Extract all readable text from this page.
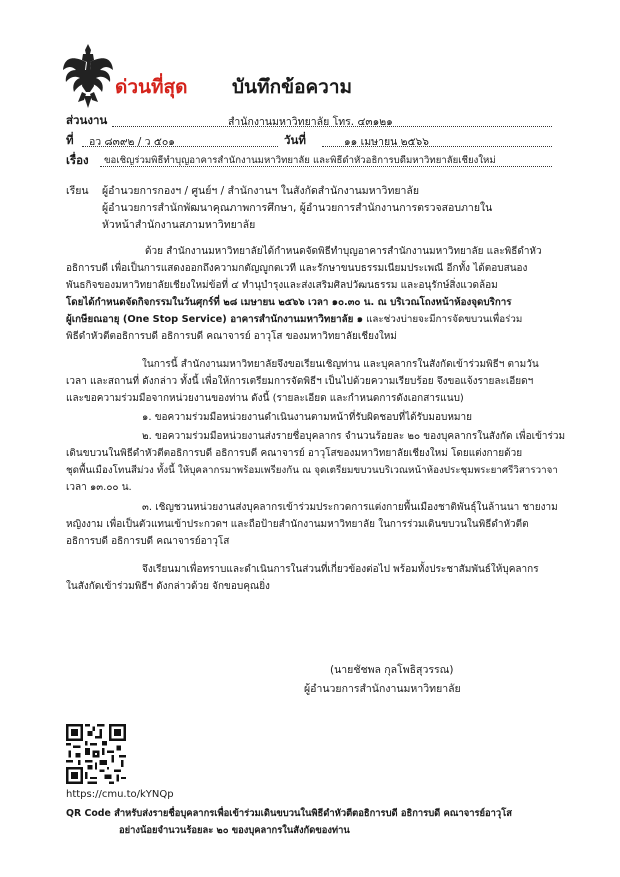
ด่วนที่สุด บันทึกข้อความ
ส่วนงาน	สำนักงานมหาวิทยาลัย โทร. ๔๓๑๒๑
ที่ อว ๘๓๙๒ / ว ๕๐๑	วันที่	๑๑ เมษายน ๒๕๖๖
เรื่อง ขอเชิญร่วมพิธีทำบุญอาคารสำนักงานมหาวิทยาลัย และพิธีดำหัวอธิการบดีมหาวิทยาลัยเชียงใหม่
เรียน ผู้อำนวยการกองฯ / ศูนย์ฯ / สำนักงานฯ ในสังกัดสำนักงานมหาวิทยาลัย
ผู้อำนวยการสำนักพัฒนาคุณภาพการศึกษา, ผู้อำนวยการสำนักงานการตรวจสอบภายใน
หัวหน้าสำนักงานสภามหาวิทยาลัย
ด้วย สำนักงานมหาวิทยาลัยได้กำหนดจัดพิธีทำบุญอาคารสำนักงานมหาวิทยาลัย และพิธีดำหัว
อธิการบดี เพื่อเป็นการแสดงออกถึงความกตัญญูกตเวที และรักษาขนบธรรมเนียมประเพณี อีกทั้ง ได้ตอบสนอง
พันธกิจของมหาวิทยาลัยเชียงใหม่ข้อที่ ๔ ทำนุบำรุงและส่งเสริมศิลปวัฒนธรรม และอนุรักษ์สิ่งแวดล้อม
โดยได้กำหนดจัดกิจกรรมในวันศุกร์ที่ ๒๘ เมษายน ๒๕๖๖ เวลา ๑๐.๓๐ น. ณ บริเวณโถงหน้าห้องจุดบริการ
ผู้เกษียณอายุ (One Stop Service) อาคารสำนักงานมหาวิทยาลัย ๑ และช่วงบ่ายจะมีการจัดขบวนเพื่อร่วม
พิธีดำหัวตีตอธิการบดี อธิการบดี คณาจารย์ อาวุโส ของมหาวิทยาลัยเชียงใหม่
ในการนี้ สำนักงานมหาวิทยาลัยจึงขอเรียนเชิญท่าน และบุคลากรในสังกัดเข้าร่วมพิธีฯ ตามวัน
เวลา และสถานที่ ดังกล่าว ทั้งนี้ เพื่อให้การเตรียมการจัดพิธีฯ เป็นไปด้วยความเรียบร้อย จึงขอแจ้งรายละเอียดฯ
และขอความร่วมมือจากหน่วยงานของท่าน ดังนี้ (รายละเอียด และกำหนดการดังเอกสารแนบ)
๑. ขอความร่วมมือหน่วยงานดำเนินงานตามหน้าที่รับผิดชอบที่ได้รับมอบหมาย
๒. ขอความร่วมมือหน่วยงานส่งรายชื่อบุคลากร จำนวนร้อยละ ๒๐ ของบุคลากรในสังกัด เพื่อเข้าร่วม
เดินขบวนในพิธีดำหัวตีตอธิการบดี อธิการบดี คณาจารย์ อาวุโสของมหาวิทยาลัยเชียงใหม่ โดยแต่งกายด้วย
ชุดพื้นเมืองโทนสีม่วง ทั้งนี้ ให้บุคลากรมาพร้อมเพรียงกัน ณ จุดเตรียมขบวนบริเวณหน้าห้องประชุมพระยาศรีวิสารวาจา
เวลา ๑๓.๐๐ น.
๓. เชิญชวนหน่วยงานส่งบุคลากรเข้าร่วมประกวดการแต่งกายพื้นเมืองชาติพันธุ์ในล้านนา ชายงาม
หญิงงาม เพื่อเป็นตัวแทนเข้าประกวดฯ และถือป้ายสำนักงานมหาวิทยาลัย ในการร่วมเดินขบวนในพิธีดำหัวตีต
อธิการบดี อธิการบดี คณาจารย์อาวุโส
จึงเรียนมาเพื่อทราบและดำเนินการในส่วนที่เกี่ยวข้องต่อไป พร้อมทั้งประชาสัมพันธ์ให้บุคลากร
ในสังกัดเข้าร่วมพิธีฯ ดังกล่าวด้วย จักขอบคุณยิ่ง
(นายชัชพล กุลโพธิสุวรรณ)
ผู้อำนวยการสำนักงานมหาวิทยาลัย
https://cmu.to/kYNQp
QR Code สำหรับส่งรายชื่อบุคลากรเพื่อเข้าร่วมเดินขบวนในพิธีดำหัวตีตอธิการบดี อธิการบดี คณาจารย์อาวุโส
อย่างน้อยจำนวนร้อยละ ๒๐ ของบุคลากรในสังกัดของท่าน
